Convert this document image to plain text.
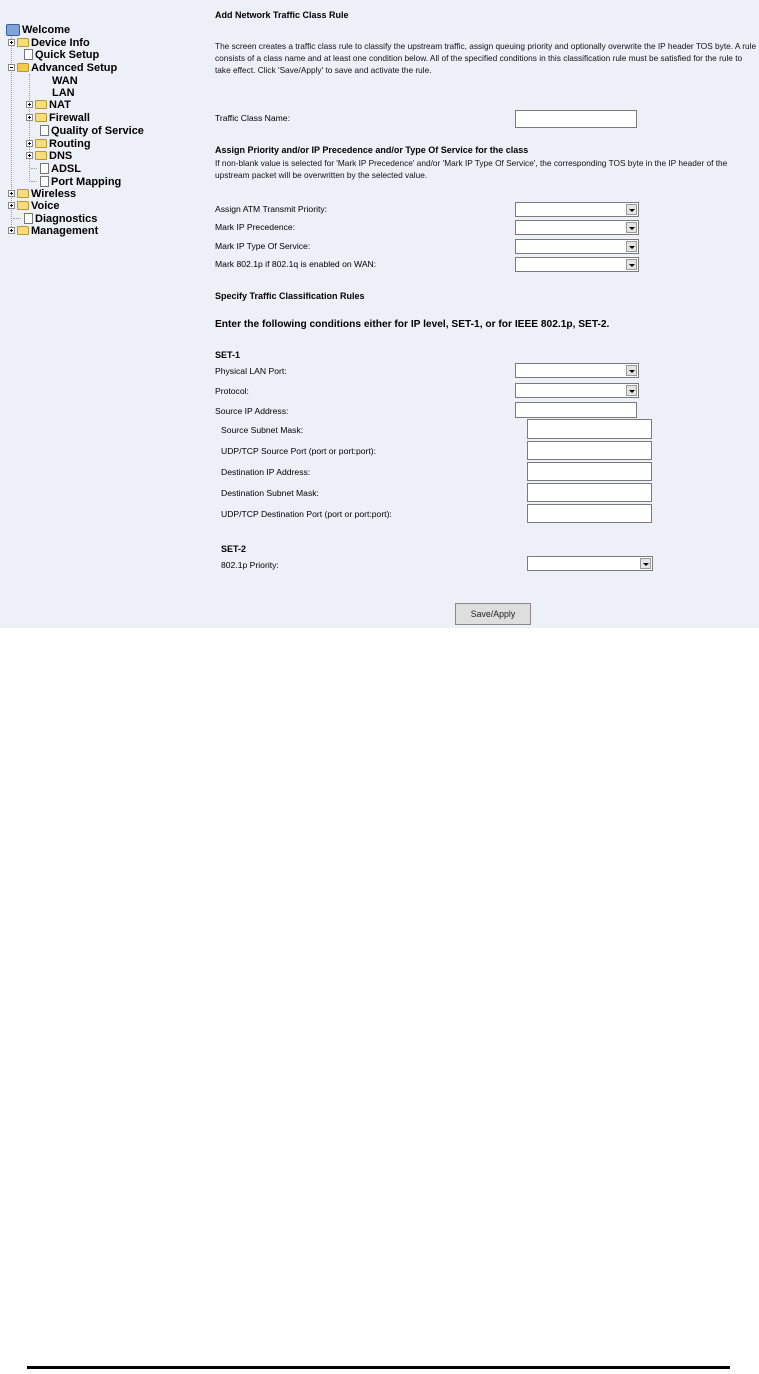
Welcome
Device Info
Quick Setup
Advanced Setup
WAN
LAN
NAT
Firewall
Quality of Service
Routing
DNS
ADSL
Port Mapping
Wireless
Voice
Diagnostics
Management
Add Network Traffic Class Rule
The screen creates a traffic class rule to classify the upstream traffic, assign queuing priority and optionally overwrite the IP header TOS byte. A rule consists of a class name and at least one condition below. All of the specified conditions in this classification rule must be satisfied for the rule to take effect. Click 'Save/Apply' to save and activate the rule.
Traffic Class Name:
Assign Priority and/or IP Precedence and/or Type Of Service for the class
If non-blank value is selected for 'Mark IP Precedence' and/or 'Mark IP Type Of Service', the corresponding TOS byte in the IP header of the upstream packet will be overwritten by the selected value.
Assign ATM Transmit Priority:
Mark IP Precedence:
Mark IP Type Of Service:
Mark 802.1p if 802.1q is enabled on WAN:
Specify Traffic Classification Rules
Enter the following conditions either for IP level, SET-1, or for IEEE 802.1p, SET-2.
SET-1
Physical LAN Port:
Protocol:
Source IP Address:
Source Subnet Mask:
UDP/TCP Source Port (port or port:port):
Destination IP Address:
Destination Subnet Mask:
UDP/TCP Destination Port (port or port:port):
SET-2
802.1p Priority:
Save/Apply
